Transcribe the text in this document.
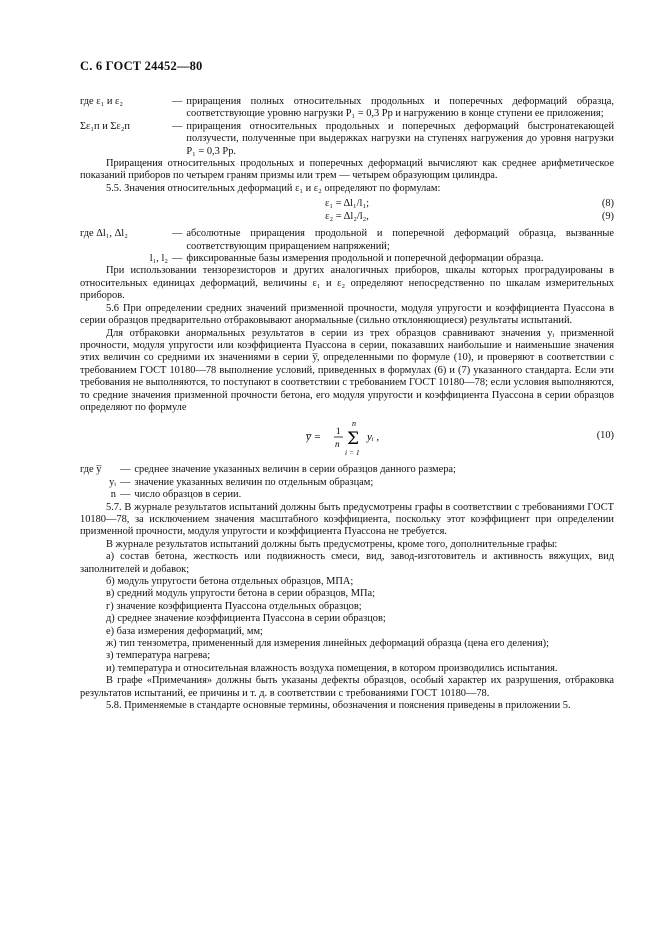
С. 6 ГОСТ 24452—80
где ε₁ и ε₂	— приращения полных относительных продольных и поперечных деформаций образца, соответствующие уровню нагрузки P₁ = 0,3 Pр и нагружению в конце ступени ее приложения;
Σε₁п и Σε₂п	— приращения относительных продольных и поперечных деформаций быстронатекающей ползучести, полученные при выдержках нагрузки на ступенях нагружения до уровня нагрузки P₁ = 0,3 Pр.

Приращения относительных продольных и поперечных деформаций вычисляют как среднее арифметическое показаний приборов по четырем граням призмы или трем — четырем образующим цилиндра.

5.5. Значения относительных деформаций ε₁ и ε₂ определяют по формулам:

ε₁ = Δl₁/l₁;	(8)
ε₂ = Δl₂/l₂,	(9)
где Δl₁, Δl₂	— абсолютные приращения продольной и поперечной деформаций образца, вызванные соответствующим приращением напряжений;
l₁, l₂ — фиксированные базы измерения продольной и поперечной деформации образца.

При использовании тензорезисторов и других аналогичных приборов, шкалы которых проградуированы в относительных единицах деформаций, величины ε₁ и ε₂ определяют непосредственно по шкалам измерительных приборов.

5.6 При определении средних значений призменной прочности, модуля упругости и коэффициента Пуассона в серии образцов предварительно отбраковывают анормальные (сильно отклоняющиеся) результаты испытаний.

Для отбраковки анормальных результатов в серии из трех образцов сравнивают значения yᵢ призменной прочности, модуля упругости или коэффициента Пуассона в серии, показавших наибольшие и наименьшие значения этих величин со средними их значениями в серии y̅, определенными по формуле (10), и проверяют в соответствии с требованием ГОСТ 10180—78 выполнение условий, приведенных в формулах (6) и (7) указанного стандарта. Если эти требования не выполняются, то поступают в соответствии с требованием ГОСТ 10180—78; если условия выполняются, то средние значения призменной прочности бетона, его модуля упругости и коэффициента Пуассона в серии образцов определяют по формуле

y̅ = 1
n
n
Σ
i = 1
yᵢ ,	(10)
где y̅	— среднее значение указанных величин в серии образцов данного размера;
yᵢ — значение указанных величин по отдельным образцам;
n — число образцов в серии.

5.7. В журнале результатов испытаний должны быть предусмотрены графы в соответствии с требованиями ГОСТ 10180—78, за исключением значения масштабного коэффициента, поскольку этот коэффициент при определении призменной прочности, модуля упругости и коэффициента Пуассона не требуется.

В журнале результатов испытаний должны быть предусмотрены, кроме того, дополнительные графы:

а) состав бетона, жесткость или подвижность смеси, вид, завод-изготовитель и активность вяжущих, вид заполнителей и добавок;

б) модуль упругости бетона отдельных образцов, МПА;

в) средний модуль упругости бетона в серии образцов, МПа;

г) значение коэффициента Пуассона отдельных образцов;

д) среднее значение коэффициента Пуассона в серии образцов;

е) база измерения деформаций, мм;

ж) тип тензометра, примененный для измерения линейных деформаций образца (цена его деления);

з) температура нагрева;

и) температура и относительная влажность воздуха помещения, в котором производились испытания.

В графе «Примечания» должны быть указаны дефекты образцов, особый характер их разрушения, отбраковка результатов испытаний, ее причины и т. д. в соответствии с требованиями ГОСТ 10180—78.

5.8. Применяемые в стандарте основные термины, обозначения и пояснения приведены в приложении 5.
